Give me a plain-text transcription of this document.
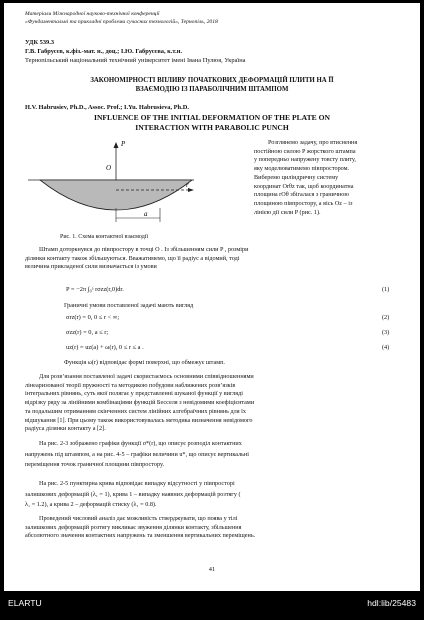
Матеріали Міжнародної науково-технічної конференції
«Фундаментальні та прикладні проблеми сучасних технологій», Тернопіль, 2018
УДК 539.3
Г.В. Габрусєв, к.фіз.-мат. н., доц.; І.Ю. Габрусєва, к.т.н.
Тернопільський національний технічний університет імені Івана Пулюя, Україна
ЗАКОНОМІРНОСТІ ВПЛИВУ ПОЧАТКОВИХ ДЕФОРМАЦІЙ ПЛИТИ НА ЇЇ
ВЗАЄМОДІЮ ІЗ ПАРАБОЛІЧНИМ ШТАМПОМ
H.V. Habrusiev, Ph.D., Assoc. Prof.; I.Yu. Habrusieva, Ph.D.
INFLUENCE OF THE INITIAL DEFORMATION OF THE PLATE ON
INTERACTION WITH PARABOLIC PUNCH
P
O
r
a
Рис. 1. Схема контактної взаємодії
Розглянемо задачу, про втиснення
постійною силою P жорсткого штампа
у попередньо напружену товсту плиту,
яку моделюватимемо півпростором.
Виберемо циліндричну систему
координат Orθz так, щоб координатна
площина rOθ збігалася з граничною
площиною півпростору, а вісь Oz – із
лінією дії сили P (рис. 1).
Штамп доторкнувся до півпростору в точці O . Із збільшенням сили P , розміри
ділянки контакту також збільшуються. Вважатимемо, що її радіус a відомий, тоді
величина прикладеної сили визначається із умови
P = −2π ∫₀ᵃ rσzz(r,0)dr.	(1)
Граничні умови поставленої задачі мають вигляд
σrz(r) = 0, 0 ≤ r < ∞;	(2)
σzz(r) = 0, a ≤ r;	(3)
uz(r) = uz(a) + ω(r), 0 ≤ r ≤ a .	(4)
Функція ω(r) відповідає формі поверхні, що обмежує штамп.
Для розв’язання поставленої задачі скористаємось основними співвідношеннями
лінеаризованої теорії пружності та методикою побудови наближених розв’язків
інтегральних рівнянь, суть якої полягає у представленні шуканої функції у вигляді
відрізку ряду за лінійними комбінаціями функцій Бесселя з невідомими коефіцієнтами
та подальшим отриманням скінченних систем лінійних алгебраїчних рівнянь для їх
відшукання [1]. При цьому також використовувалась методика визначення невідомого
радіуса ділянки контакту a [2].
На рис. 2-3 зображено графіки функції σ*(r), що описує розподіл контактних
напружень під штампом, а на рис. 4-5 – графіки величини u*, що описує вертикальні
переміщення точок граничної площини півпростору.
На рис. 2-5 пунктирна крива відповідає випадку відсутності у півпросторі
залишкових деформацій (λ₁ = 1), крива 1 – випадку наявних деформацій розтягу (
λ₁ = 1.2), а крива 2 – деформацій стиску (λ₁ = 0.8).
Проведений числовий аналіз дає можливість стверджувати, що поява у тілі
залишкових деформацій розтягу викликає звуження ділянки контакту, збільшення
абсолютного значення контактних напружень та зменшення вертикальних переміщень.
41
ELARTU	hdl:lib/25483
